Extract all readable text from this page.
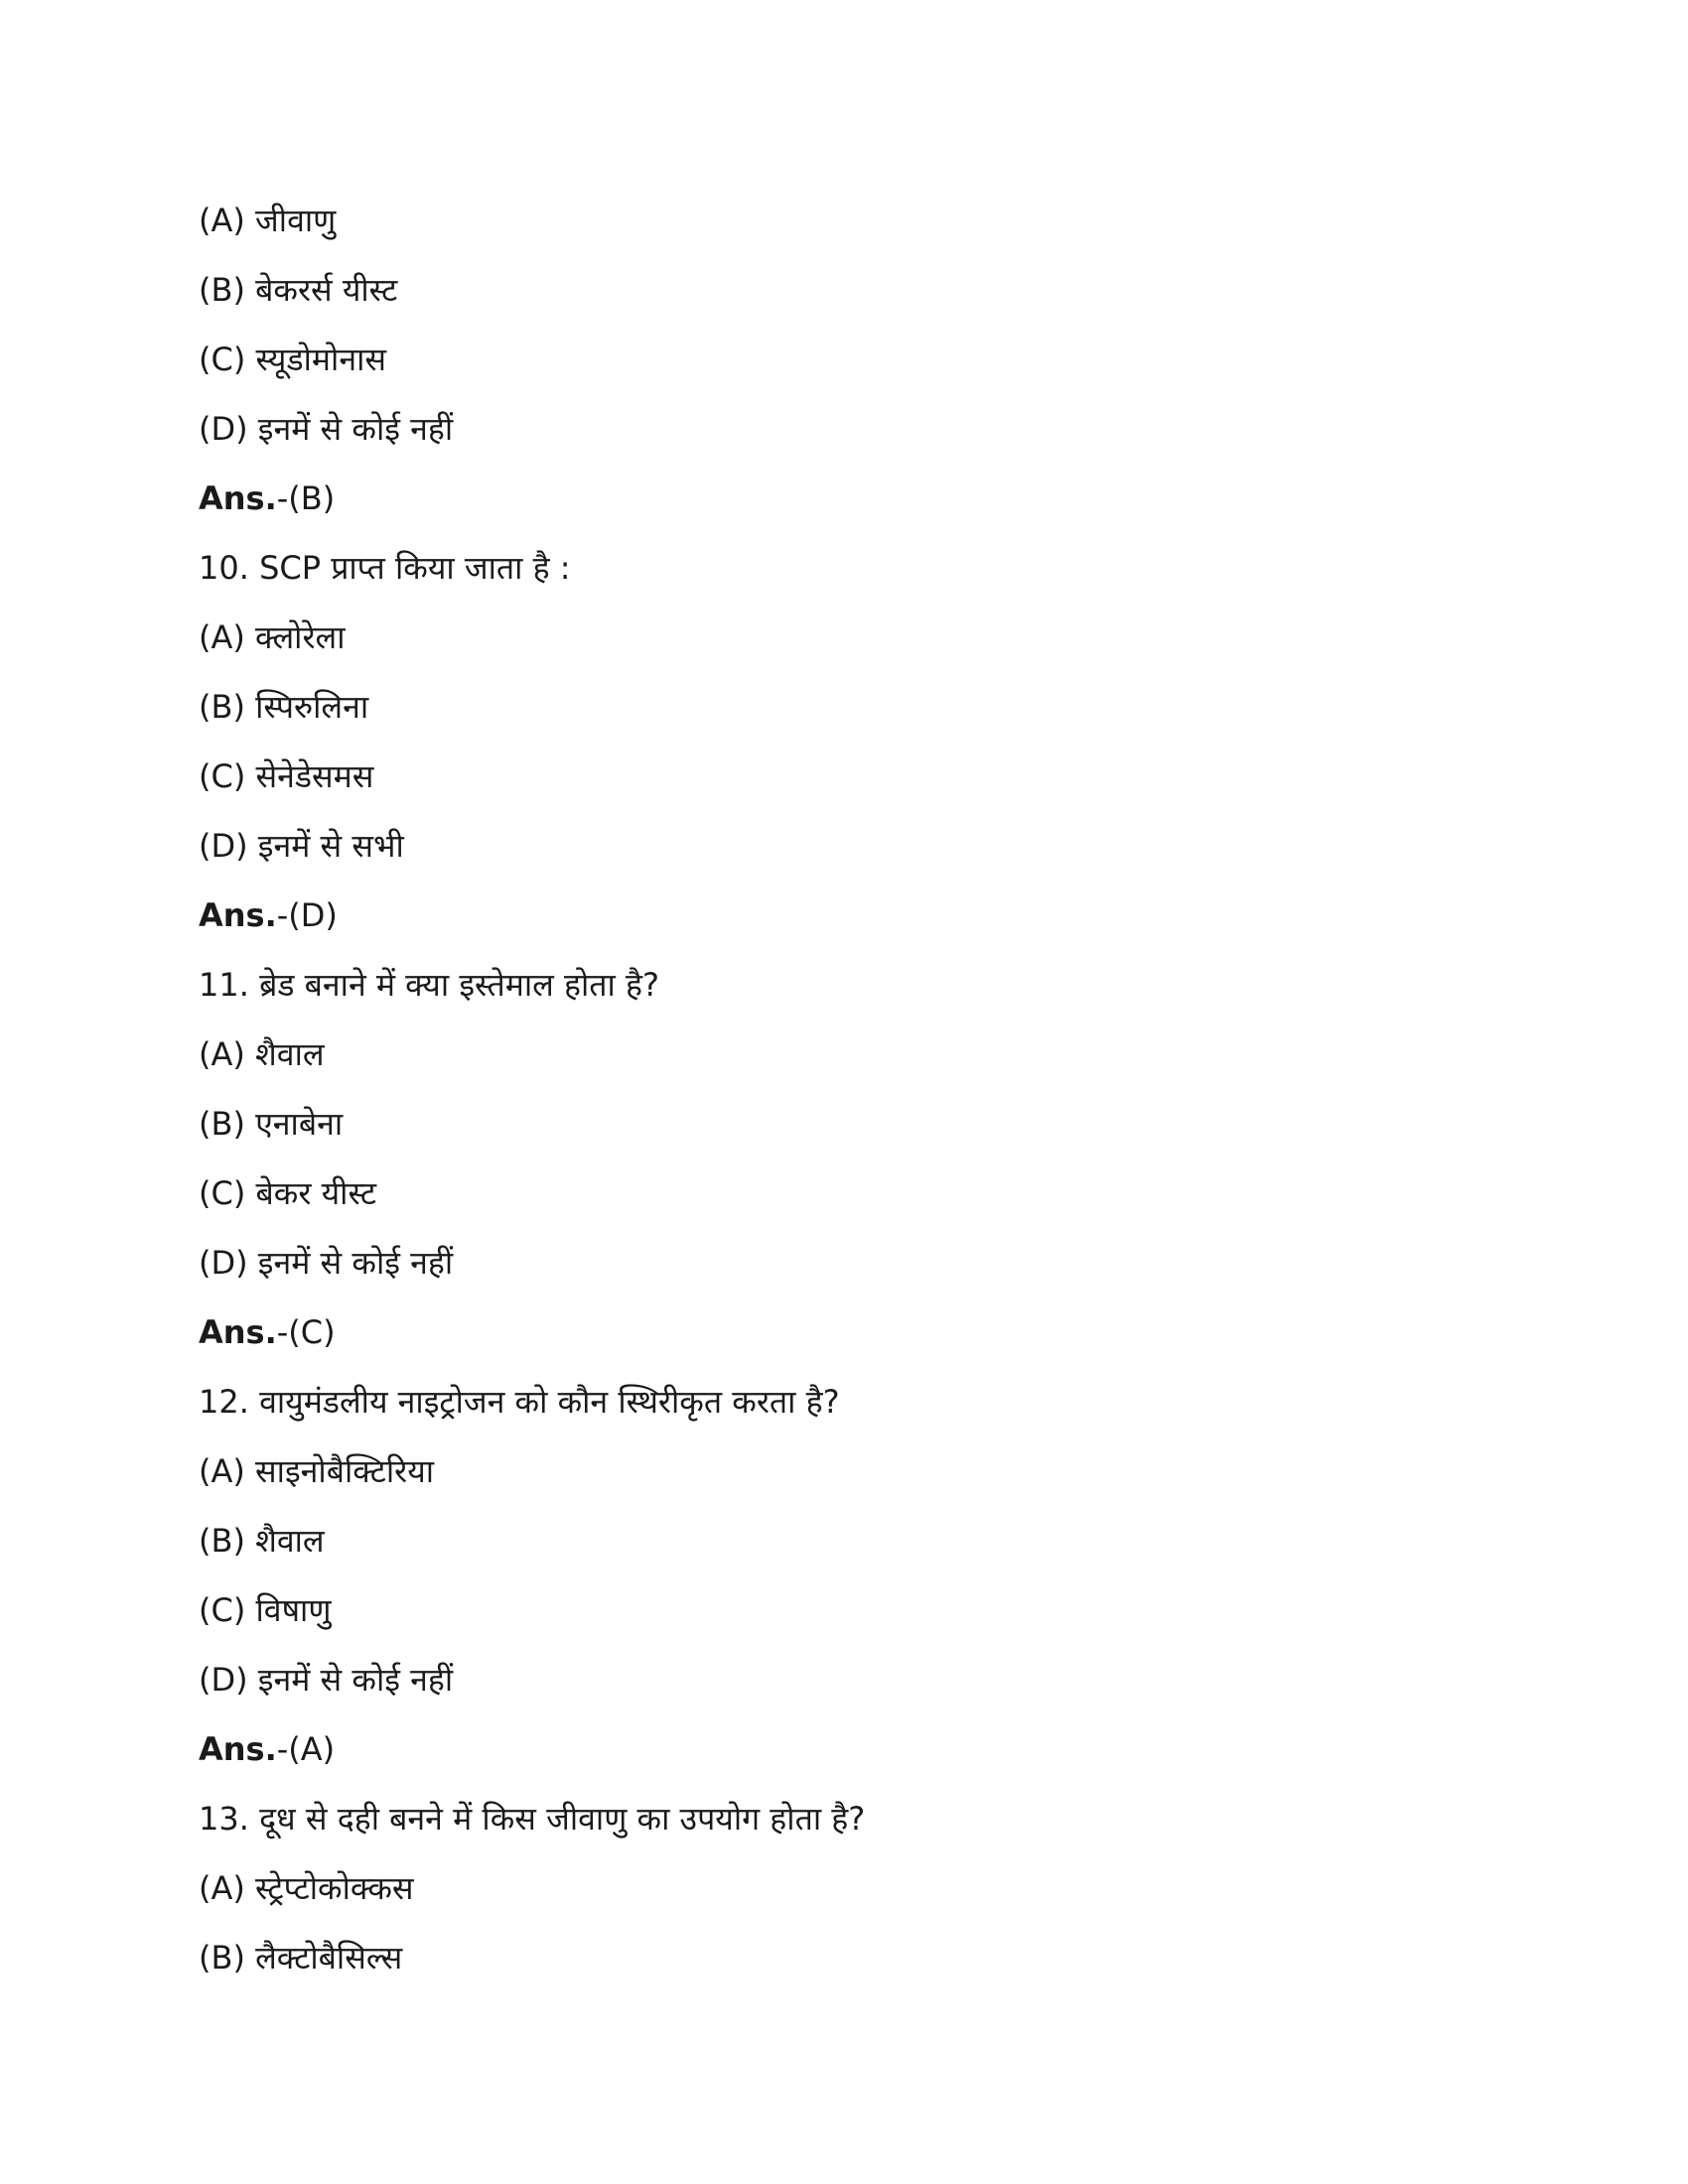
(A) जीवाणु
(B) बेकरर्स यीस्ट
(C) स्यूडोमोनास
(D) इनमें से कोई नहीं
Ans.-(B)
10. SCP प्राप्त किया जाता है :
(A) क्लोरेला
(B) स्पिरुलिना
(C) सेनेडेसमस
(D) इनमें से सभी
Ans.-(D)
11. ब्रेड बनाने में क्या इस्तेमाल होता है?
(A) शैवाल
(B) एनाबेना
(C) बेकर यीस्ट
(D) इनमें से कोई नहीं
Ans.-(C)
12. वायुमंडलीय नाइट्रोजन को कौन स्थिरीकृत करता है?
(A) साइनोबैक्टिरिया
(B) शैवाल
(C) विषाणु
(D) इनमें से कोई नहीं
Ans.-(A)
13. दूध से दही बनने में किस जीवाणु का उपयोग होता है?
(A) स्ट्रेप्टोकोक्कस
(B) लैक्टोबैसिल्स
